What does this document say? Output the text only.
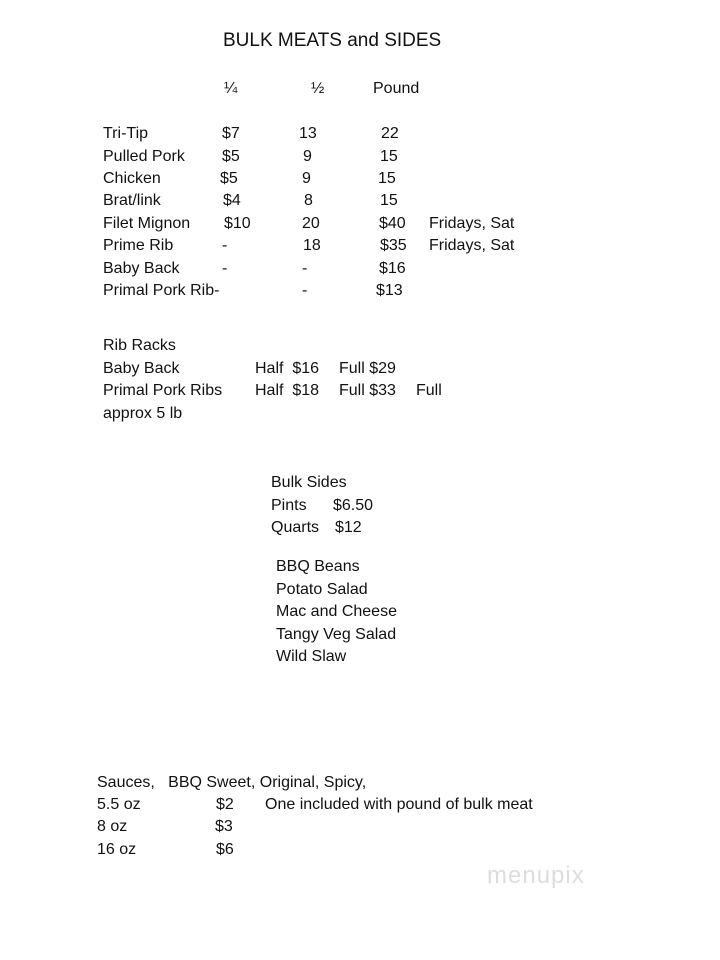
BULK MEATS and SIDES
¼	½	Pound
Rib Racks
approx 5 lb
Bulk Sides
Sauces,   BBQ Sweet, Original, Spicy,
menupix
Tri-Tip	$7	13	22
Pulled Pork $5	9	15
Chicken	$5	9	15
Brat/link	$4	8	15
Filet Mignon $10	20	$40 Fridays, Sat
Prime Rib	-	18	$35 Fridays, Sat
Baby Back	-	-	$16
Primal Pork Rib-	-	$13
Baby Back	Half  $16 Full $29
Primal Pork Ribs Half  $18 Full $33 Full
Pints $6.50
Quarts $12
BBQ Beans
Potato Salad
Mac and Cheese
Tangy Veg Salad
Wild Slaw
5.5 oz	$2 One included with pound of bulk meat
8 oz	$3
16 oz	$6
